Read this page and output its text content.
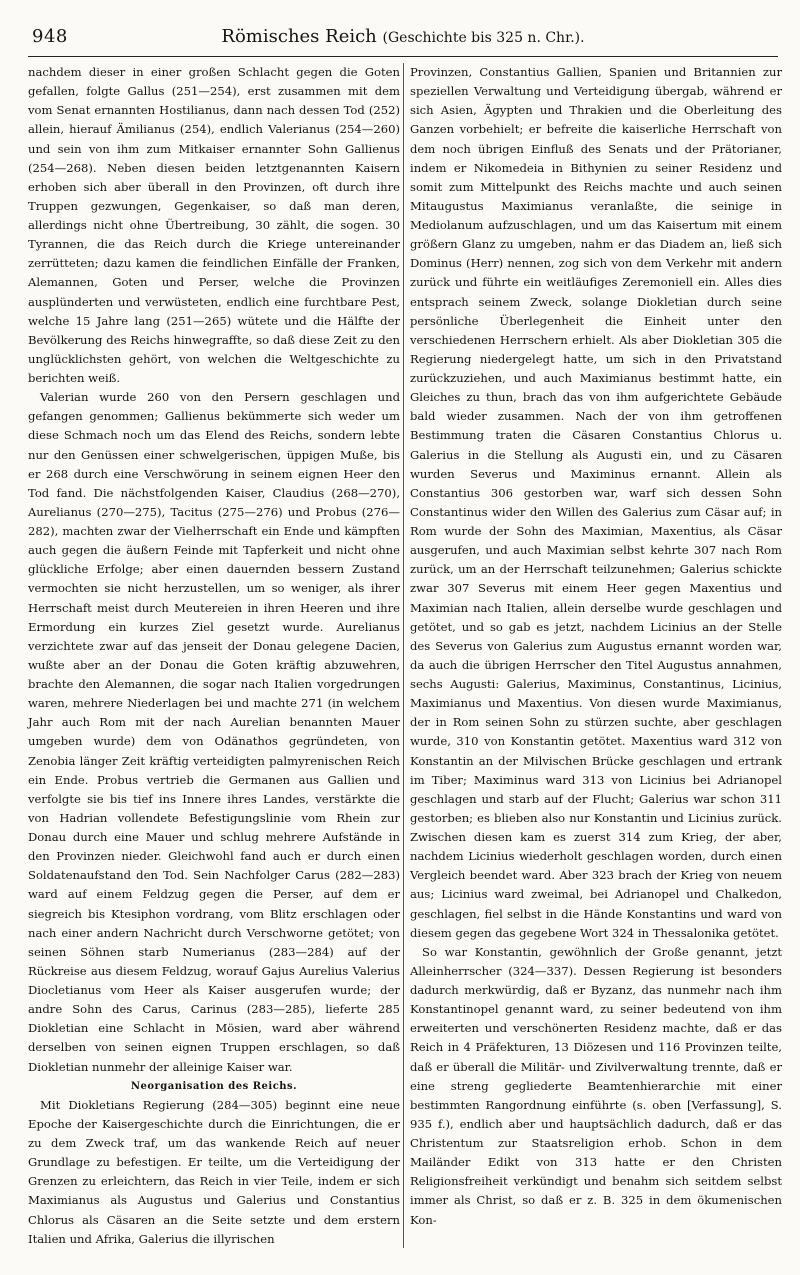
948	Römisches Reich (Geschichte bis 325 n. Chr.).

nachdem dieser in einer großen Schlacht gegen die Goten gefallen, folgte Gallus (251—254), erst zusammen mit dem vom Senat ernannten Hostilianus, dann nach dessen Tod (252) allein, hierauf Ämilianus (254), endlich Valerianus (254—260) und sein von ihm zum Mitkaiser ernannter Sohn Gallienus (254—268). Neben diesen beiden letztgenannten Kaisern erhoben sich aber überall in den Provinzen, oft durch ihre Truppen gezwungen, Gegenkaiser, so daß man deren, allerdings nicht ohne Übertreibung, 30 zählt, die sogen. 30 Tyrannen, die das Reich durch die Kriege untereinander zerrütteten; dazu kamen die feindlichen Einfälle der Franken, Alemannen, Goten und Perser, welche die Provinzen ausplünderten und verwüsteten, endlich eine furchtbare Pest, welche 15 Jahre lang (251—265) wütete und die Hälfte der Bevölkerung des Reichs hinwegraffte, so daß diese Zeit zu den unglücklichsten gehört, von welchen die Weltgeschichte zu berichten weiß.

Valerian wurde 260 von den Persern geschlagen und gefangen genommen; Gallienus bekümmerte sich weder um diese Schmach noch um das Elend des Reichs, sondern lebte nur den Genüssen einer schwelgerischen, üppigen Muße, bis er 268 durch eine Verschwörung in seinem eignen Heer den Tod fand. Die nächstfolgenden Kaiser, Claudius (268—270), Aurelianus (270—275), Tacitus (275—276) und Probus (276—282), machten zwar der Vielherrschaft ein Ende und kämpften auch gegen die äußern Feinde mit Tapferkeit und nicht ohne glückliche Erfolge; aber einen dauernden bessern Zustand vermochten sie nicht herzustellen, um so weniger, als ihrer Herrschaft meist durch Meutereien in ihren Heeren und ihre Ermordung ein kurzes Ziel gesetzt wurde. Aurelianus verzichtete zwar auf das jenseit der Donau gelegene Dacien, wußte aber an der Donau die Goten kräftig abzuwehren, brachte den Alemannen, die sogar nach Italien vorgedrungen waren, mehrere Niederlagen bei und machte 271 (in welchem Jahr auch Rom mit der nach Aurelian benannten Mauer umgeben wurde) dem von Odänathos gegründeten, von Zenobia länger Zeit kräftig verteidigten palmyrenischen Reich ein Ende. Probus vertrieb die Germanen aus Gallien und verfolgte sie bis tief ins Innere ihres Landes, verstärkte die von Hadrian vollendete Befestigungslinie vom Rhein zur Donau durch eine Mauer und schlug mehrere Aufstände in den Provinzen nieder. Gleichwohl fand auch er durch einen Soldatenaufstand den Tod. Sein Nachfolger Carus (282—283) ward auf einem Feldzug gegen die Perser, auf dem er siegreich bis Ktesiphon vordrang, vom Blitz erschlagen oder nach einer andern Nachricht durch Verschworne getötet; von seinen Söhnen starb Numerianus (283—284) auf der Rückreise aus diesem Feldzug, worauf Gajus Aurelius Valerius Diocletianus vom Heer als Kaiser ausgerufen wurde; der andre Sohn des Carus, Carinus (283—285), lieferte 285 Diokletian eine Schlacht in Mösien, ward aber während derselben von seinen eignen Truppen erschlagen, so daß Diokletian nunmehr der alleinige Kaiser war.

Neorganisation des Reichs.

Mit Diokletians Regierung (284—305) beginnt eine neue Epoche der Kaisergeschichte durch die Einrichtungen, die er zu dem Zweck traf, um das wankende Reich auf neuer Grundlage zu befestigen. Er teilte, um die Verteidigung der Grenzen zu erleichtern, das Reich in vier Teile, indem er sich Maximianus als Augustus und Galerius und Constantius Chlorus als Cäsaren an die Seite setzte und dem erstern Italien und Afrika, Galerius die illyrischen

Provinzen, Constantius Gallien, Spanien und Britannien zur speziellen Verwaltung und Verteidigung übergab, während er sich Asien, Ägypten und Thrakien und die Oberleitung des Ganzen vorbehielt; er befreite die kaiserliche Herrschaft von dem noch übrigen Einfluß des Senats und der Prätorianer, indem er Nikomedeia in Bithynien zu seiner Residenz und somit zum Mittelpunkt des Reichs machte und auch seinen Mitaugustus Maximianus veranlaßte, die seinige in Mediolanum aufzuschlagen, und um das Kaisertum mit einem größern Glanz zu umgeben, nahm er das Diadem an, ließ sich Dominus (Herr) nennen, zog sich von dem Verkehr mit andern zurück und führte ein weitläufiges Zeremoniell ein. Alles dies entsprach seinem Zweck, solange Diokletian durch seine persönliche Überlegenheit die Einheit unter den verschiedenen Herrschern erhielt. Als aber Diokletian 305 die Regierung niedergelegt hatte, um sich in den Privatstand zurückzuziehen, und auch Maximianus bestimmt hatte, ein Gleiches zu thun, brach das von ihm aufgerichtete Gebäude bald wieder zusammen. Nach der von ihm getroffenen Bestimmung traten die Cäsaren Constantius Chlorus u. Galerius in die Stellung als Augusti ein, und zu Cäsaren wurden Severus und Maximinus ernannt. Allein als Constantius 306 gestorben war, warf sich dessen Sohn Constantinus wider den Willen des Galerius zum Cäsar auf; in Rom wurde der Sohn des Maximian, Maxentius, als Cäsar ausgerufen, und auch Maximian selbst kehrte 307 nach Rom zurück, um an der Herrschaft teilzunehmen; Galerius schickte zwar 307 Severus mit einem Heer gegen Maxentius und Maximian nach Italien, allein derselbe wurde geschlagen und getötet, und so gab es jetzt, nachdem Licinius an der Stelle des Severus von Galerius zum Augustus ernannt worden war, da auch die übrigen Herrscher den Titel Augustus annahmen, sechs Augusti: Galerius, Maximinus, Constantinus, Licinius, Maximianus und Maxentius. Von diesen wurde Maximianus, der in Rom seinen Sohn zu stürzen suchte, aber geschlagen wurde, 310 von Konstantin getötet. Maxentius ward 312 von Konstantin an der Milvischen Brücke geschlagen und ertrank im Tiber; Maximinus ward 313 von Licinius bei Adrianopel geschlagen und starb auf der Flucht; Galerius war schon 311 gestorben; es blieben also nur Konstantin und Licinius zurück. Zwischen diesen kam es zuerst 314 zum Krieg, der aber, nachdem Licinius wiederholt geschlagen worden, durch einen Vergleich beendet ward. Aber 323 brach der Krieg von neuem aus; Licinius ward zweimal, bei Adrianopel und Chalkedon, geschlagen, fiel selbst in die Hände Konstantins und ward von diesem gegen das gegebene Wort 324 in Thessalonika getötet.

So war Konstantin, gewöhnlich der Große genannt, jetzt Alleinherrscher (324—337). Dessen Regierung ist besonders dadurch merkwürdig, daß er Byzanz, das nunmehr nach ihm Konstantinopel genannt ward, zu seiner bedeutend von ihm erweiterten und verschönerten Residenz machte, daß er das Reich in 4 Präfekturen, 13 Diözesen und 116 Provinzen teilte, daß er überall die Militär- und Zivilverwaltung trennte, daß er eine streng gegliederte Beamtenhierarchie mit einer bestimmten Rangordnung einführte (s. oben [Verfassung], S. 935 f.), endlich aber und hauptsächlich dadurch, daß er das Christentum zur Staatsreligion erhob. Schon in dem Mailänder Edikt von 313 hatte er den Christen Religionsfreiheit verkündigt und benahm sich seitdem selbst immer als Christ, so daß er z. B. 325 in dem ökumenischen Kon-
